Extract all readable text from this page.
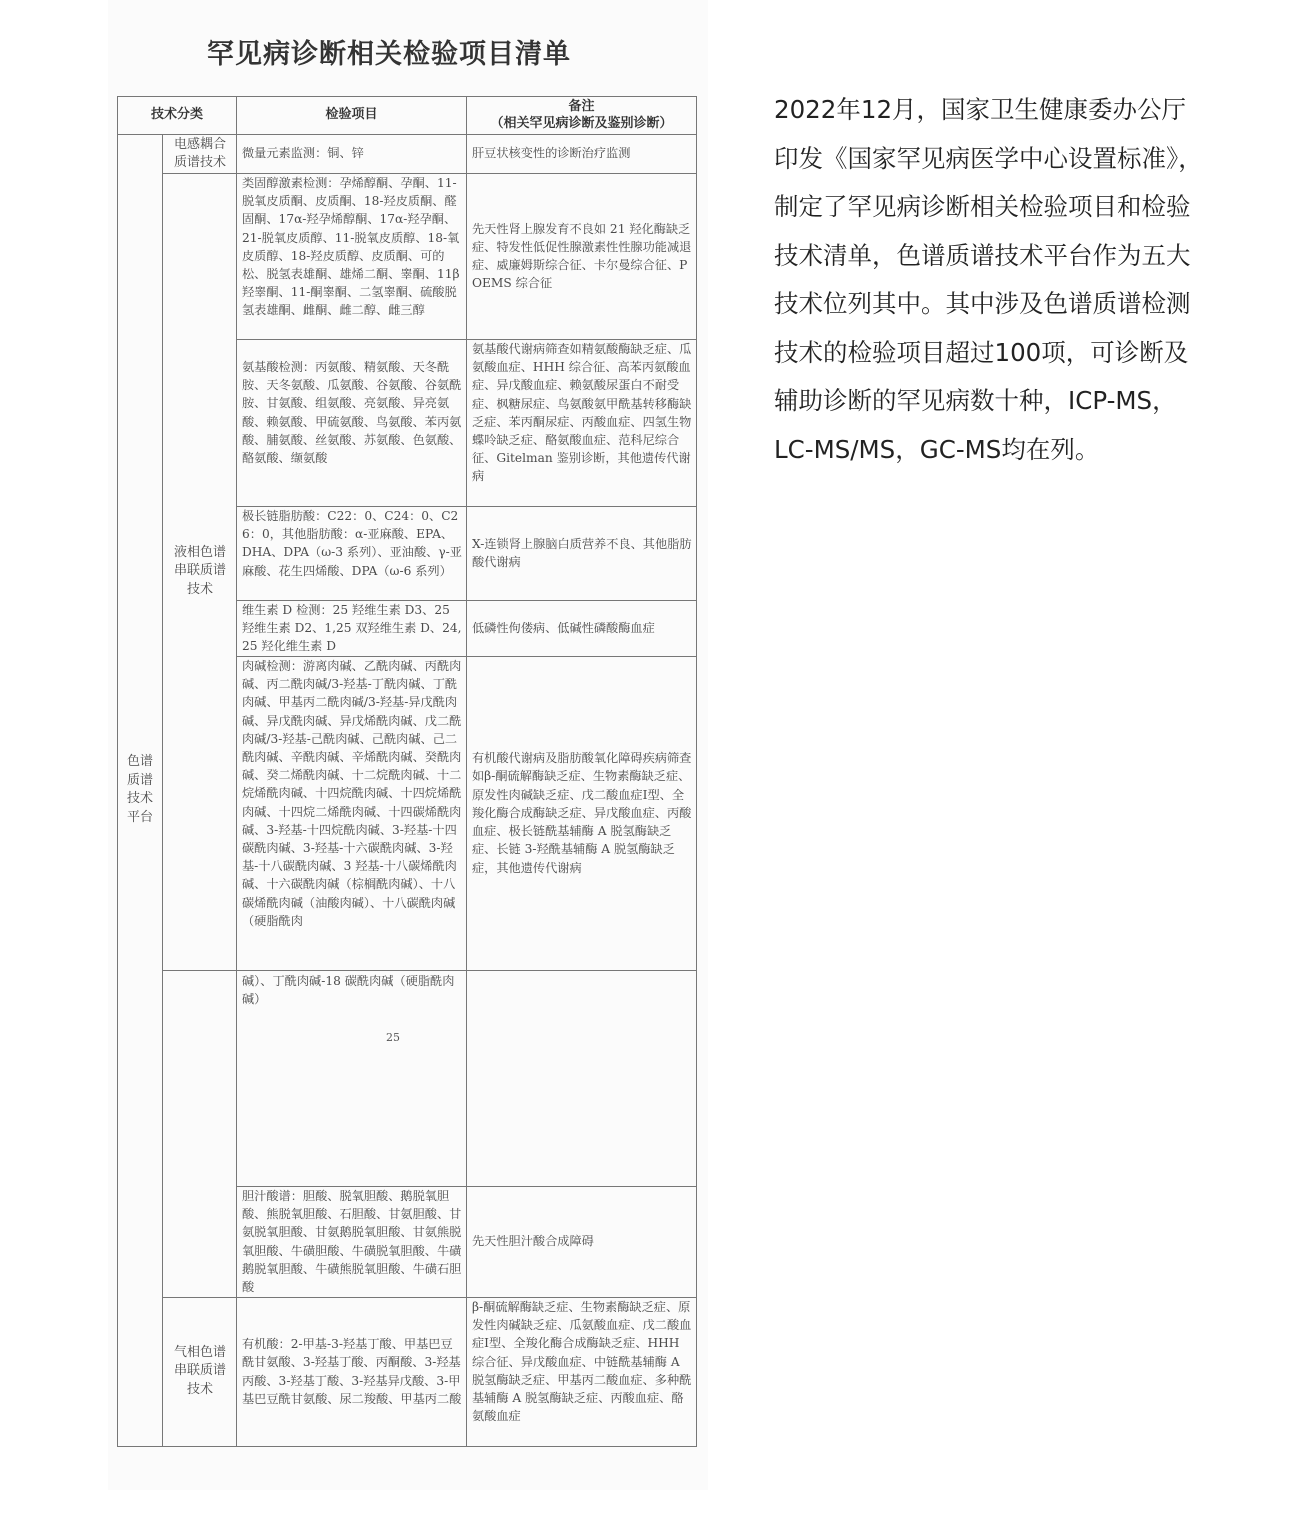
罕见病诊断相关检验项目清单
技术分类	检验项目
备注
（相关罕见病诊断及鉴别诊断）
色谱质谱技术平台
电感耦合质谱技术
液相色谱串联质谱技术
气相色谱串联质谱技术
微量元素监测：铜、锌
类固醇激素检测：孕烯醇酮、孕酮、11-脱氧皮质酮、皮质酮、18-羟皮质酮、醛固酮、17α-羟孕烯醇酮、17α-羟孕酮、21-脱氧皮质醇、11-脱氧皮质醇、18-氧皮质醇、18-羟皮质醇、皮质酮、可的松、脱氢表雄酮、雄烯二酮、睾酮、11β羟睾酮、11-酮睾酮、二氢睾酮、硫酸脱氢表雄酮、雌酮、雌二醇、雌三醇
氨基酸检测：丙氨酸、精氨酸、天冬酰胺、天冬氨酸、瓜氨酸、谷氨酸、谷氨酰胺、甘氨酸、组氨酸、亮氨酸、异亮氨酸、赖氨酸、甲硫氨酸、鸟氨酸、苯丙氨酸、脯氨酸、丝氨酸、苏氨酸、色氨酸、酪氨酸、缬氨酸
极长链脂肪酸：C22：0、C24：0、C26：0，其他脂肪酸：α-亚麻酸、EPA、DHA、DPA（ω-3 系列）、亚油酸、γ-亚麻酸、花生四烯酸、DPA（ω-6 系列）
维生素 D 检测：25 羟维生素 D3、25 羟维生素 D2、1,25 双羟维生素 D、24,25 羟化维生素 D
肉碱检测：游离肉碱、乙酰肉碱、丙酰肉碱、丙二酰肉碱/3-羟基-丁酰肉碱、丁酰肉碱、甲基丙二酰肉碱/3-羟基-异戊酰肉碱、异戊酰肉碱、异戊烯酰肉碱、戊二酰肉碱/3-羟基-己酰肉碱、己酰肉碱、己二酰肉碱、辛酰肉碱、辛烯酰肉碱、癸酰肉碱、癸二烯酰肉碱、十二烷酰肉碱、十二烷烯酰肉碱、十四烷酰肉碱、十四烷烯酰肉碱、十四烷二烯酰肉碱、十四碳烯酰肉碱、3-羟基-十四烷酰肉碱、3-羟基-十四碳酰肉碱、3-羟基-十六碳酰肉碱、3-羟基-十八碳酰肉碱、3 羟基-十八碳烯酰肉碱、十六碳酰肉碱（棕榈酰肉碱）、十八碳烯酰肉碱（油酸肉碱）、十八碳酰肉碱（硬脂酰肉
碱）、丁酰肉碱-18 碳酰肉碱（硬脂酰肉碱）
25
胆汁酸谱：胆酸、脱氧胆酸、鹅脱氧胆酸、熊脱氧胆酸、石胆酸、甘氨胆酸、甘氨脱氧胆酸、甘氨鹅脱氧胆酸、甘氨熊脱氧胆酸、牛磺胆酸、牛磺脱氧胆酸、牛磺鹅脱氧胆酸、牛磺熊脱氧胆酸、牛磺石胆酸
有机酸：2-甲基-3-羟基丁酸、甲基巴豆酰甘氨酸、3-羟基丁酸、丙酮酸、3-羟基丙酸、3-羟基丁酸、3-羟基异戊酸、3-甲基巴豆酰甘氨酸、尿二羧酸、甲基丙二酸
肝豆状核变性的诊断治疗监测
先天性肾上腺发育不良如 21 羟化酶缺乏症、特发性低促性腺激素性性腺功能减退症、威廉姆斯综合征、卡尔曼综合征、POEMS 综合征
氨基酸代谢病筛查如精氨酸酶缺乏症、瓜氨酸血症、HHH 综合征、高苯丙氨酸血症、异戊酸血症、赖氨酸尿蛋白不耐受症、枫糖尿症、鸟氨酸氨甲酰基转移酶缺乏症、苯丙酮尿症、丙酸血症、四氢生物蝶呤缺乏症、酪氨酸血症、范科尼综合征、Gitelman 鉴别诊断，其他遗传代谢病
X-连锁肾上腺脑白质营养不良、其他脂肪酸代谢病
低磷性佝偻病、低碱性磷酸酶血症
有机酸代谢病及脂肪酸氧化障碍疾病筛查如β-酮硫解酶缺乏症、生物素酶缺乏症、原发性肉碱缺乏症、戊二酸血症Ⅰ型、全羧化酶合成酶缺乏症、异戊酸血症、丙酸血症、极长链酰基辅酶 A 脱氢酶缺乏症、长链 3-羟酰基辅酶 A 脱氢酶缺乏症，其他遗传代谢病
先天性胆汁酸合成障碍
β-酮硫解酶缺乏症、生物素酶缺乏症、原发性肉碱缺乏症、瓜氨酸血症、戊二酸血症Ⅰ型、全羧化酶合成酶缺乏症、HHH 综合征、异戊酸血症、中链酰基辅酶 A 脱氢酶缺乏症、甲基丙二酸血症、多种酰基辅酶 A 脱氢酶缺乏症、丙酸血症、酪氨酸血症

2022年12月，国家卫生健康委办公厅印发《国家罕见病医学中心设置标准》，制定了罕见病诊断相关检验项目和检验技术清单，色谱质谱技术平台作为五大技术位列其中。其中涉及色谱质谱检测技术的检验项目超过100项，可诊断及辅助诊断的罕见病数十种，ICP-MS，LC-MS/MS，GC-MS均在列。
